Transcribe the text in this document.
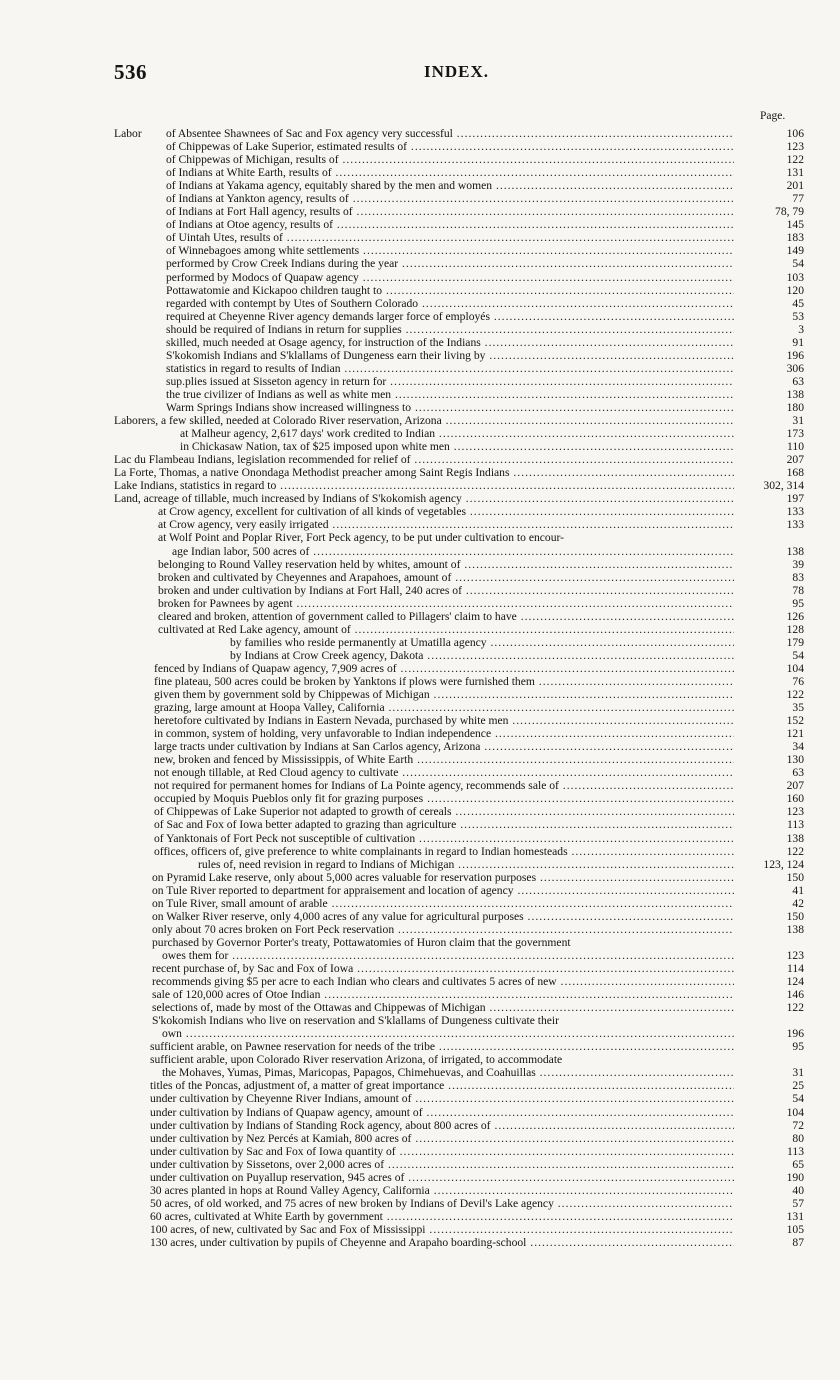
536	INDEX.
Page.
Labor of Absentee Shawnees of Sac and Fox agency very successful .....	106
of Chippewas of Lake Superior, estimated results of .....	123
of Chippewas of Michigan, results of .....	122
of Indians at White Earth, results of .....	131
of Indians at Yakama agency, equitably shared by the men and women .....	201
of Indians at Yankton agency, results of .....	77
of Indians at Fort Hall agency, results of .....	78, 79
of Indians at Otoe agency, results of .....	145
of Uintah Utes, results of .....	183
of Winnebagoes among white settlements .....	149
performed by Crow Creek Indians during the year .....	54
performed by Modocs of Quapaw agency .....	103
Pottawatomie and Kickapoo children taught to .....	120
regarded with contempt by Utes of Southern Colorado .....	45
required at Cheyenne River agency demands larger force of employés .....	53
should be required of Indians in return for supplies .....	3
skilled, much needed at Osage agency, for instruction of the Indians .....	91
S'kokomish Indians and S'klallams of Dungeness earn their living by .....	196
statistics in regard to results of Indian .....	306
sup.plies issued at Sisseton agency in return for .....	63
the true civilizer of Indians as well as white men .....	138
Warm Springs Indians show increased willingness to .....	180
Laborers, a few skilled, needed at Colorado River reservation, Arizona .....	31
at Malheur agency, 2,617 days' work credited to Indian .....	173
in Chickasaw Nation, tax of $25 imposed upon white men .....	110
Lac du Flambeau Indians, legislation recommended for relief of .....	207
La Forte, Thomas, a native Onondaga Methodist preacher among Saint Regis Indians .....	168
Lake Indians, statistics in regard to .....	302, 314
Land, acreage of tillable, much increased by Indians of S'kokomish agency .....	197
at Crow agency, excellent for cultivation of all kinds of vegetables .....	133
at Crow agency, very easily irrigated .....	133
at Wolf Point and Poplar River, Fort Peck agency, to be put under cultivation to encour-
age Indian labor, 500 acres of .....	138
belonging to Round Valley reservation held by whites, amount of .....	39
broken and cultivated by Cheyennes and Arapahoes, amount of .....	83
broken and under cultivation by Indians at Fort Hall, 240 acres of .....	78
broken for Pawnees by agent .....	95
cleared and broken, attention of government called to Pillagers' claim to have .....	126
cultivated at Red Lake agency, amount of .....	128
by families who reside permanently at Umatilla agency .....	179
by Indians at Crow Creek agency, Dakota .....	54
fenced by Indians of Quapaw agency, 7,909 acres of .....	104
fine plateau, 500 acres could be broken by Yanktons if plows were furnished them .....	76
given them by government sold by Chippewas of Michigan .....	122
grazing, large amount at Hoopa Valley, California .....	35
heretofore cultivated by Indians in Eastern Nevada, purchased by white men .....	152
in common, system of holding, very unfavorable to Indian independence .....	121
large tracts under cultivation by Indians at San Carlos agency, Arizona .....	34
new, broken and fenced by Mississippis, of White Earth .....	130
not enough tillable, at Red Cloud agency to cultivate .....	63
not required for permanent homes for Indians of La Pointe agency, recommends sale of .....	207
occupied by Moquis Pueblos only fit for grazing purposes .....	160
of Chippewas of Lake Superior not adapted to growth of cereals .....	123
of Sac and Fox of Iowa better adapted to grazing than agriculture .....	113
of Yanktonais of Fort Peck not susceptible of cultivation .....	138
offices, officers of, give preference to white complainants in regard to Indian homesteads .....	122
rules of, need revision in regard to Indians of Michigan .....	123, 124
on Pyramid Lake reserve, only about 5,000 acres valuable for reservation purposes .....	150
on Tule River reported to department for appraisement and location of agency .....	41
on Tule River, small amount of arable .....	42
on Walker River reserve, only 4,000 acres of any value for agricultural purposes .....	150
only about 70 acres broken on Fort Peck reservation .....	138
purchased by Governor Porter's treaty, Pottawatomies of Huron claim that the government
owes them for .....	123
recent purchase of, by Sac and Fox of Iowa .....	114
recommends giving $5 per acre to each Indian who clears and cultivates 5 acres of new .....	124
sale of 120,000 acres of Otoe Indian .....	146
selections of, made by most of the Ottawas and Chippewas of Michigan .....	122
S'kokomish Indians who live on reservation and S'klallams of Dungeness cultivate their
own .....	196
sufficient arable, on Pawnee reservation for needs of the tribe .....	95
sufficient arable, upon Colorado River reservation Arizona, of irrigated, to accommodate
the Mohaves, Yumas, Pimas, Maricopas, Papagos, Chimehuevas, and Coahuillas .....	31
titles of the Poncas, adjustment of, a matter of great importance .....	25
under cultivation by Cheyenne River Indians, amount of .....	54
under cultivation by Indians of Quapaw agency, amount of .....	104
under cultivation by Indians of Standing Rock agency, about 800 acres of .....	72
under cultivation by Nez Percés at Kamiah, 800 acres of .....	80
under cultivation by Sac and Fox of Iowa quantity of .....	113
under cultivation by Sissetons, over 2,000 acres of .....	65
under cultivation on Puyallup reservation, 945 acres of .....	190
30 acres planted in hops at Round Valley Agency, California .....	40
50 acres, of old worked, and 75 acres of new broken by Indians of Devil's Lake agency .....	57
60 acres, cultivated at White Earth by government .....	131
100 acres, of new, cultivated by Sac and Fox of Mississippi .....	105
130 acres, under cultivation by pupils of Cheyenne and Arapaho boarding-school .....	87
